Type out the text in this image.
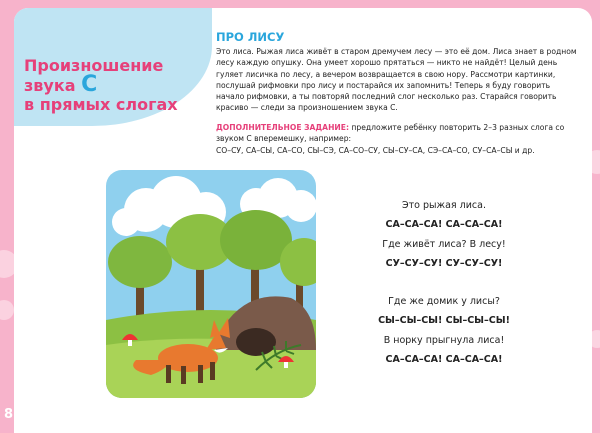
Произношение
звука С
в прямых слогах
ПРО ЛИСУ

Это лиса. Рыжая лиса живёт в старом дремучем лесу — это её дом. Лиса знает в родном лесу каждую опушку. Она умеет хорошо прятаться — никто не найдёт! Целый день гуляет лисичка по лесу, а вечером возвращается в свою нору. Рассмотри картинки, послушай рифмовки про лису и постарайся их запомнить! Теперь я буду говорить начало рифмовки, а ты повторяй последний слог несколько раз. Старайся говорить красиво — следи за произношением звука С.

ДОПОЛНИТЕЛЬНОЕ ЗАДАНИЕ: предложите ребёнку повторить 2–3 разных слога со звуком С вперемешку, например:
СО–СУ, СА–СЫ, СА–СО, СЫ–СЭ, СА–СО–СУ, СЫ–СУ–СА, СЭ–СА–СО, СУ–СА–СЫ и др.

Это рыжая лиса.

СА–СА–СА! СА–СА–СА!

Где живёт лиса? В лесу!

СУ–СУ–СУ! СУ–СУ–СУ!

Где же домик у лисы?

СЫ–СЫ–СЫ! СЫ–СЫ–СЫ!

В норку прыгнула лиса!

СА–СА–СА! СА–СА–СА!

8
